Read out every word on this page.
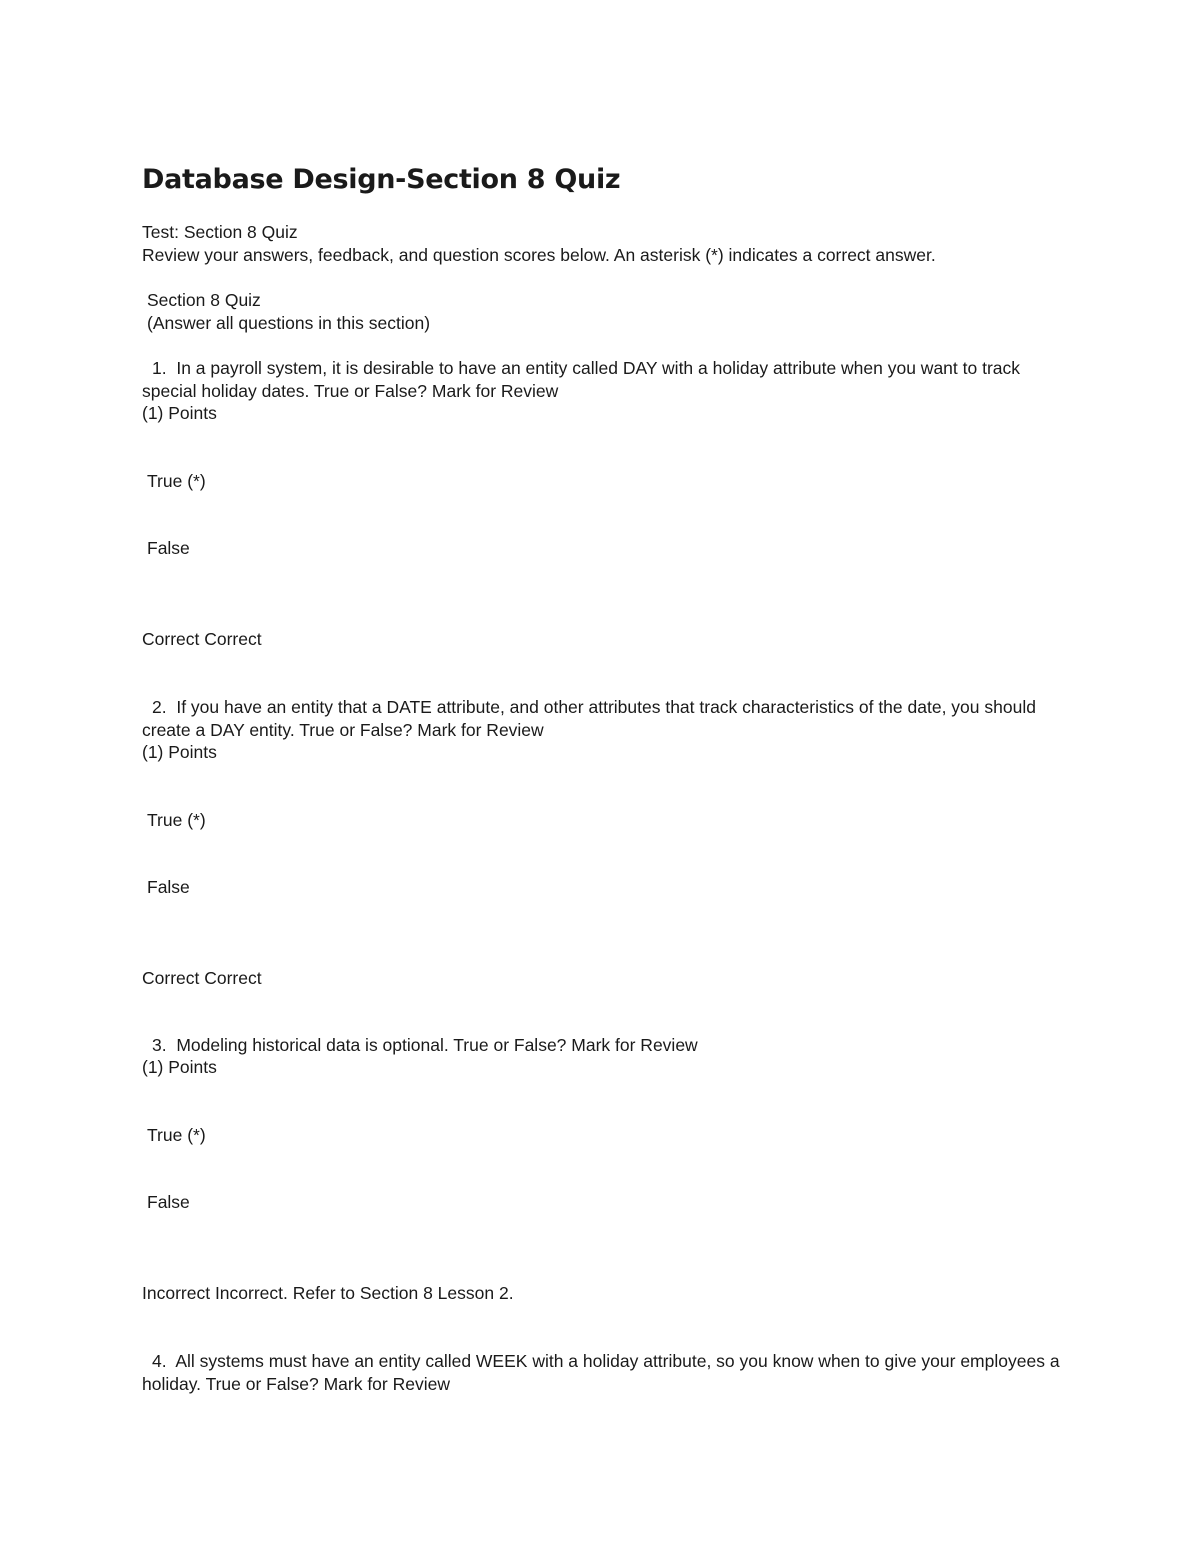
Database Design-Section 8 Quiz

Test: Section 8 Quiz

Review your answers, feedback, and question scores below. An asterisk (*) indicates a correct answer.

Section 8 Quiz

(Answer all questions in this section)

1. In a payroll system, it is desirable to have an entity called DAY with a holiday attribute when you want to track special holiday dates. True or False? Mark for Review

(1) Points

True (*)

False

Correct Correct

2. If you have an entity that a DATE attribute, and other attributes that track characteristics of the date, you should create a DAY entity. True or False? Mark for Review

(1) Points

True (*)

False

Correct Correct

3. Modeling historical data is optional. True or False? Mark for Review

(1) Points

True (*)

False

Incorrect Incorrect. Refer to Section 8 Lesson 2.

4. All systems must have an entity called WEEK with a holiday attribute, so you know when to give your employees a holiday. True or False? Mark for Review
